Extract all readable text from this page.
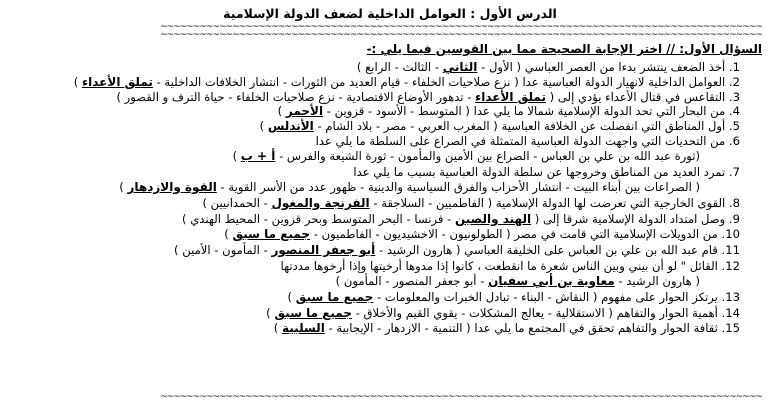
الدرس الأول : العوامل الداخلية لضعف الدولة الإسلامية
~~~~~~~~~~~~~~~~~~~~~~~~~~~~~~~~~~~~~~~~~~~~~~~~~~~~~~~~~~~~~~~~~~~~~~~~~~~~~~~~~~~~~~~~~~~~
~~~~~~~~~~~~~~~~~~~~~~~~~~~~~~~~~~~~~~~~~~~~~~~~~~~~~~~~~~~~~~~~~~~~~~~~~~~~~~~~~~~~~~~~~~~~
السؤال الأول: // اختر الإجابة الصحيحة مما بين القوسين فيما يلي :-
1. أخذ الضعف ينتشر بدءا من العصر العباسي ( الأول - الثاني - الثالث - الرابع )
2. العوامل الداخلية لانهيار الدولة العباسية عدا ( نزع صلاحيات الخلفاء - قيام العديد من الثورات - انتشار الخلافات الداخلية - تملق الأعداء )
3. التقاعس في قتال الأعداء يؤدي إلى ( تملق الأعداء - تدهور الأوضاع الاقتصادية - نزع صلاحيات الخلفاء - حياة الترف و القصور )
4. من البحار التي تحد الدولة الإسلامية شمالا ما يلي عدا ( المتوسط - الأسود - قزوين - الأحمر )
5. أول المناطق التي انفصلت عن الخلافة العباسية ( المغرب العربي - مصر - بلاد الشام - الأندلس )
6. من التحديات التي واجهت الدولة العباسية المتمثلة في الصراع على السلطة ما يلي عدا
(ثورة عبد الله بن علي بن العباس - الصراع بين الأمين والمأمون - ثورة الشيعة والفرس - أ + ب )
7. تمرد العديد من المناطق وخروجها عن سلطة الدولة العباسية بسبب ما يلي عدا
( الصراعات بين أبناء البيت - انتشار الأحزاب والفرق السياسية والدينية - ظهور عدد من الأسر القوية - القوة والازدهار )
8. القوى الخارجية التي تعرضت لها الدولة الإسلامية ( الفاطميين - السلاجقة - الفرنجة والمغول - الحمدانيين )
9. وصل امتداد الدولة الإسلامية شرقا إلى ( الهند والصين - فرنسا - البحر المتوسط وبحر قزوين - المحيط الهندي )
10. من الدويلات الإسلامية التي قامت في مصر ( الطولونيون - الاخشيديون - الفاطميون - جميع ما سبق )
11. قام عبد الله بن علي بن العباس على الخليفة العباسي ( هارون الرشيد - أبو جعفر المنصور - المأمون - الأمين )
12. القائل " لو أن بيني وبين الناس شعرة ما انقطعت ، كانوا إذا مدوها أرخيتها وإذا أرخوها مددتها
( هارون الرشيد - معاوية بن أبي سفيان - أبو جعفر المنصور - المأمون )
13. يرتكز الحوار على مفهوم ( النقاش - البناء - تبادل الخبرات والمعلومات - جميع ما سبق )
14. أهمية الحوار والتفاهم ( الاستقلالية - يعالج المشكلات - يقوي القيم والأخلاق - جميع ما سبق )
15. ثقافة الحوار والتفاهم تحقق في المجتمع ما يلي عدا ( التنمية - الازدهار - الإيجابية - السلبية )
~~~~~~~~~~~~~~~~~~~~~~~~~~~~~~~~~~~~~~~~~~~~~~~~~~~~~~~~~~~~~~~~~~~~~~~~~~~~~~~~~~~~~~~~~~~~
